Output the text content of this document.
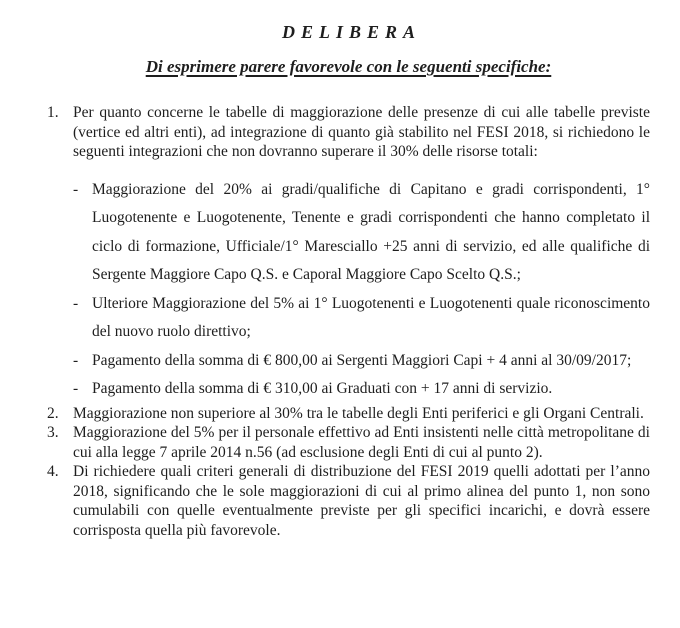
DELIBERA
Di esprimere parere favorevole con le seguenti specifiche:
1. Per quanto concerne le tabelle di maggiorazione delle presenze di cui alle tabelle previste (vertice ed altri enti), ad integrazione di quanto già stabilito nel FESI 2018, si richiedono le seguenti integrazioni che non dovranno superare il 30% delle risorse totali:
- Maggiorazione del 20% ai gradi/qualifiche di Capitano e gradi corrispondenti, 1° Luogotenente e Luogotenente, Tenente e gradi corrispondenti che hanno completato il ciclo di formazione, Ufficiale/1° Maresciallo +25 anni di servizio, ed alle qualifiche di Sergente Maggiore Capo Q.S. e Caporal Maggiore Capo Scelto Q.S.;
- Ulteriore Maggiorazione del 5% ai 1° Luogotenenti e Luogotenenti quale riconoscimento del nuovo ruolo direttivo;
- Pagamento della somma di € 800,00 ai Sergenti Maggiori Capi + 4 anni al 30/09/2017;
- Pagamento della somma di € 310,00 ai Graduati con + 17 anni di servizio.
2. Maggiorazione non superiore al 30% tra le tabelle degli Enti periferici e gli Organi Centrali.
3. Maggiorazione del 5% per il personale effettivo ad Enti insistenti nelle città metropolitane di cui alla legge 7 aprile 2014 n.56 (ad esclusione degli Enti di cui al punto 2).
4. Di richiedere quali criteri generali di distribuzione del FESI 2019 quelli adottati per l’anno 2018, significando che le sole maggiorazioni di cui al primo alinea del punto 1, non sono cumulabili con quelle eventualmente previste per gli specifici incarichi, e dovrà essere corrisposta quella più favorevole.
